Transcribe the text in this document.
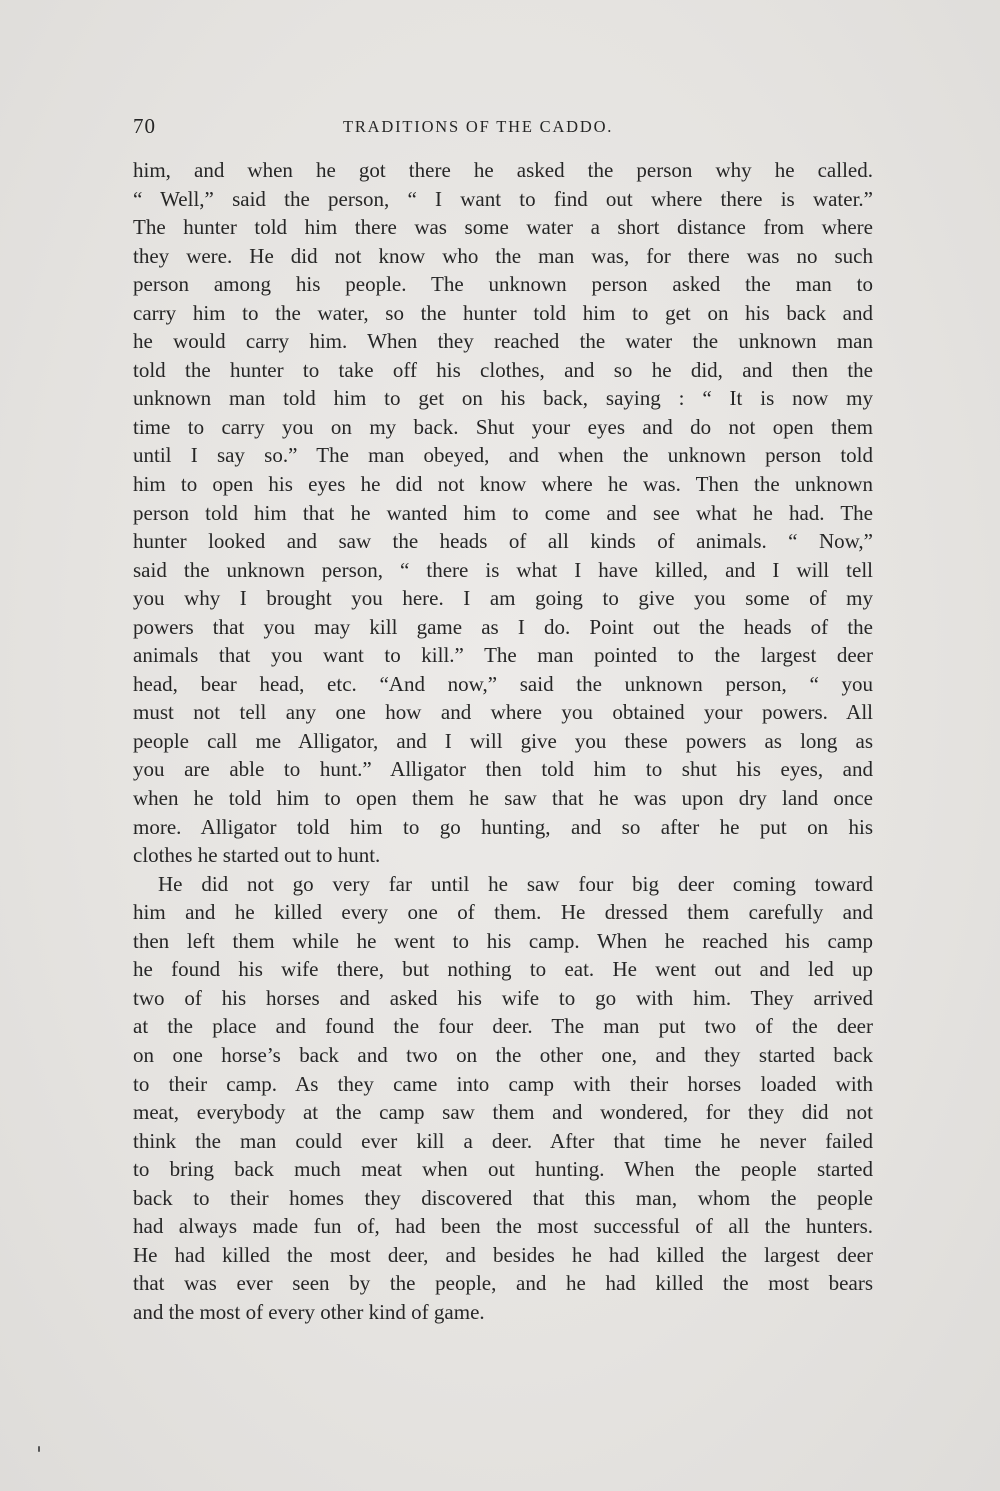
70	TRADITIONS OF THE CADDO.
him, and when he got there he asked the person why he called.
“ Well,” said the person, “ I want to find out where there is water.”
The hunter told him there was some water a short distance from where
they were. He did not know who the man was, for there was no such
person among his people. The unknown person asked the man to
carry him to the water, so the hunter told him to get on his back and
he would carry him. When they reached the water the unknown man
told the hunter to take off his clothes, and so he did, and then the
unknown man told him to get on his back, saying : “ It is now my
time to carry you on my back. Shut your eyes and do not open them
until I say so.” The man obeyed, and when the unknown person told
him to open his eyes he did not know where he was. Then the unknown
person told him that he wanted him to come and see what he had. The
hunter looked and saw the heads of all kinds of animals. “ Now,”
said the unknown person, “ there is what I have killed, and I will tell
you why I brought you here. I am going to give you some of my
powers that you may kill game as I do. Point out the heads of the
animals that you want to kill.” The man pointed to the largest deer
head, bear head, etc. “And now,” said the unknown person, “ you
must not tell any one how and where you obtained your powers. All
people call me Alligator, and I will give you these powers as long as
you are able to hunt.” Alligator then told him to shut his eyes, and
when he told him to open them he saw that he was upon dry land once
more. Alligator told him to go hunting, and so after he put on his
clothes he started out to hunt.
He did not go very far until he saw four big deer coming toward
him and he killed every one of them. He dressed them carefully and
then left them while he went to his camp. When he reached his camp
he found his wife there, but nothing to eat. He went out and led up
two of his horses and asked his wife to go with him. They arrived
at the place and found the four deer. The man put two of the deer
on one horse’s back and two on the other one, and they started back
to their camp. As they came into camp with their horses loaded with
meat, everybody at the camp saw them and wondered, for they did not
think the man could ever kill a deer. After that time he never failed
to bring back much meat when out hunting. When the people started
back to their homes they discovered that this man, whom the people
had always made fun of, had been the most successful of all the hunters.
He had killed the most deer, and besides he had killed the largest deer
that was ever seen by the people, and he had killed the most bears
and the most of every other kind of game.
